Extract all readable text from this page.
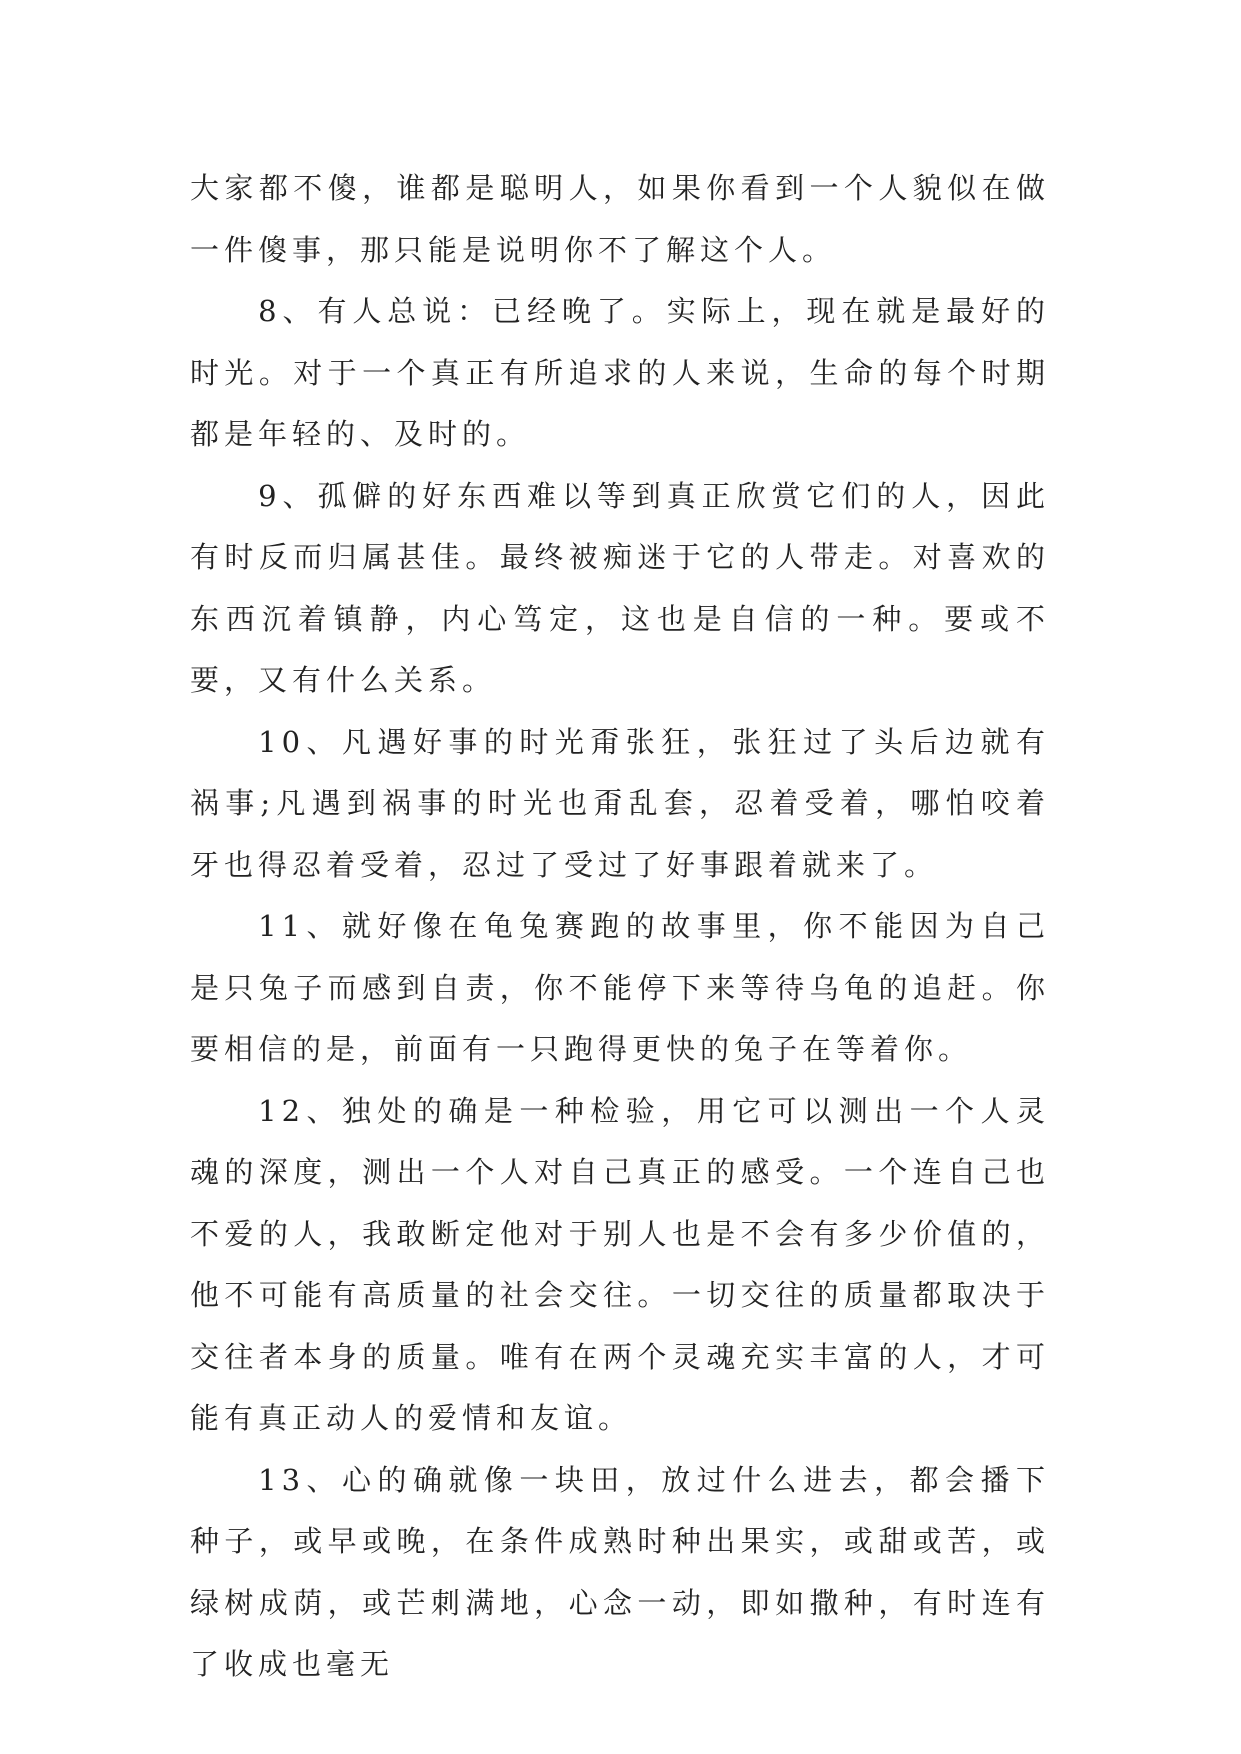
大家都不傻，谁都是聪明人，如果你看到一个人貌似在做一件傻事，那只能是说明你不了解这个人。

8、有人总说：已经晚了。实际上，现在就是最好的时光。对于一个真正有所追求的人来说，生命的每个时期都是年轻的、及时的。

9、孤僻的好东西难以等到真正欣赏它们的人，因此有时反而归属甚佳。最终被痴迷于它的人带走。对喜欢的东西沉着镇静，内心笃定，这也是自信的一种。要或不要，又有什么关系。

10、凡遇好事的时光甭张狂，张狂过了头后边就有祸事;凡遇到祸事的时光也甭乱套，忍着受着，哪怕咬着牙也得忍着受着，忍过了受过了好事跟着就来了。

11、就好像在龟兔赛跑的故事里，你不能因为自己是只兔子而感到自责，你不能停下来等待乌龟的追赶。你要相信的是，前面有一只跑得更快的兔子在等着你。

12、独处的确是一种检验，用它可以测出一个人灵魂的深度，测出一个人对自己真正的感受。一个连自己也不爱的人，我敢断定他对于别人也是不会有多少价值的，他不可能有高质量的社会交往。一切交往的质量都取决于交往者本身的质量。唯有在两个灵魂充实丰富的人，才可能有真正动人的爱情和友谊。

13、心的确就像一块田，放过什么进去，都会播下种子，或早或晚，在条件成熟时种出果实，或甜或苦，或绿树成荫，或芒刺满地，心念一动，即如撒种，有时连有了收成也毫无
